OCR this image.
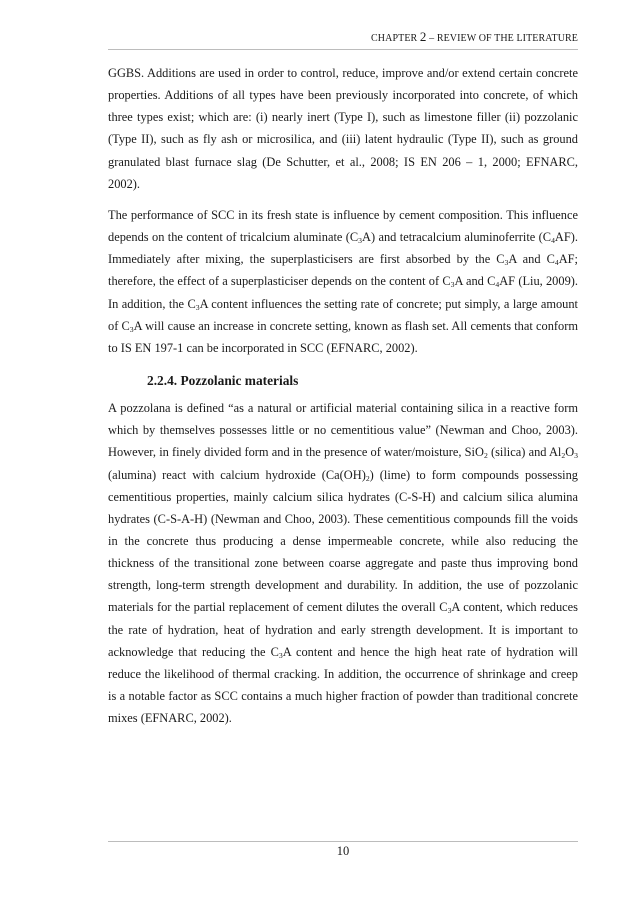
CHAPTER 2 – REVIEW OF THE LITERATURE

GGBS. Additions are used in order to control, reduce, improve and/or extend certain concrete properties. Additions of all types have been previously incorporated into concrete, of which three types exist; which are: (i) nearly inert (Type I), such as limestone filler (ii) pozzolanic (Type II), such as fly ash or microsilica, and (iii) latent hydraulic (Type II), such as ground granulated blast furnace slag (De Schutter, et al., 2008; IS EN 206 – 1, 2000; EFNARC, 2002).

The performance of SCC in its fresh state is influence by cement composition. This influence depends on the content of tricalcium aluminate $(C_3A)$ and tetracalcium aluminoferrite $(C_4AF)$. Immediately after mixing, the superplasticisers are first absorbed by the $C_3A$ and $C_4AF$; therefore, the effect of a superplasticiser depends on the content of $C_3A$ and $C_4AF$ (Liu, 2009). In addition, the $C_3A$ content influences the setting rate of concrete; put simply, a large amount of $C_3A$ will cause an increase in concrete setting, known as flash set. All cements that conform to IS EN 197-1 can be incorporated in SCC (EFNARC, 2002).

2.2.4. Pozzolanic materials

A pozzolana is defined “as a natural or artificial material containing silica in a reactive form which by themselves possesses little or no cementitious value” (Newman and Choo, 2003). However, in finely divided form and in the presence of water/moisture, SiO$_2$ (silica) and $Al_2O_3$ (alumina) react with calcium hydroxide $(Ca(OH)_2)$ (lime) to form compounds possessing cementitious properties, mainly calcium silica hydrates (C-S-H) and calcium silica alumina hydrates (C-S-A-H) (Newman and Choo, 2003). These cementitious compounds fill the voids in the concrete thus producing a dense impermeable concrete, while also reducing the thickness of the transitional zone between coarse aggregate and paste thus improving bond strength, long-term strength development and durability. In addition, the use of pozzolanic materials for the partial replacement of cement dilutes the overall $C_3A$ content, which reduces the rate of hydration, heat of hydration and early strength development. It is important to acknowledge that reducing the $C_3A$ content and hence the high heat rate of hydration will reduce the likelihood of thermal cracking. In addition, the occurrence of shrinkage and creep is a notable factor as SCC contains a much higher fraction of powder than traditional concrete mixes (EFNARC, 2002).

10
